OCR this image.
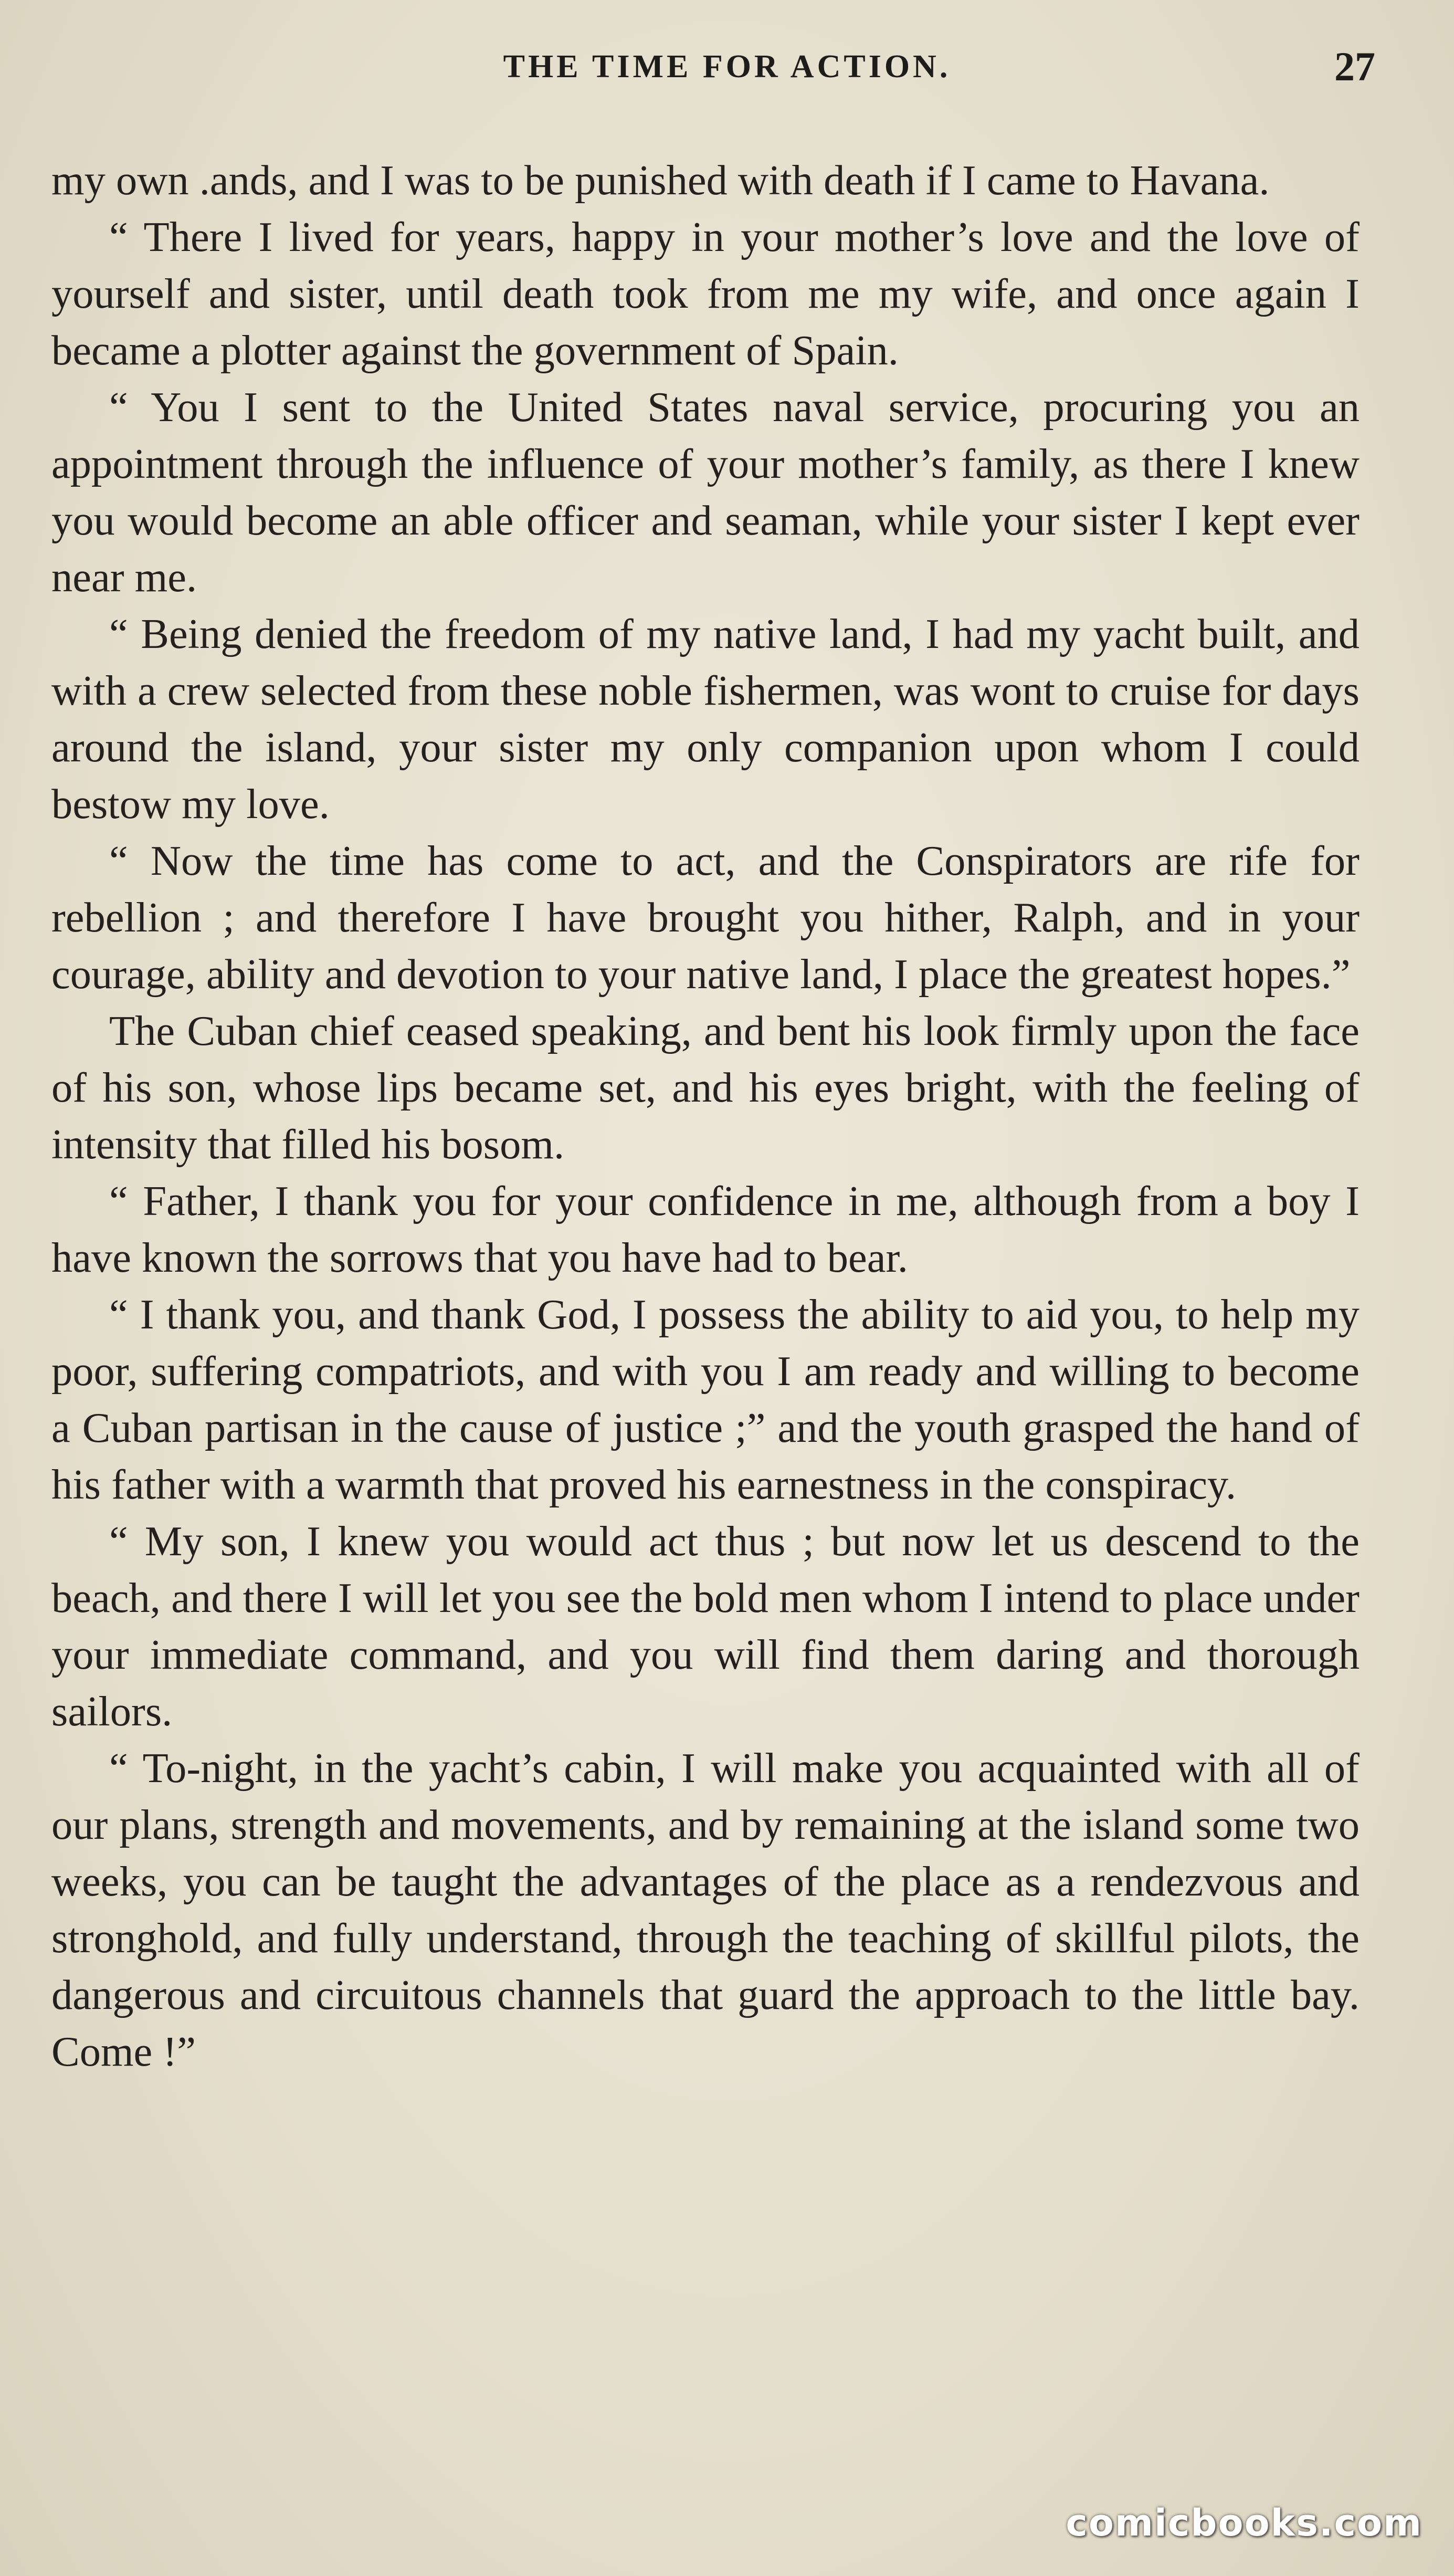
THE TIME FOR ACTION.	27

my own .ands, and I was to be punished with death if I came to Havana.

“ There I lived for years, happy in your mother’s love and the love of yourself and sister, until death took from me my wife, and once again I became a plotter against the government of Spain.

“ You I sent to the United States naval service, procuring you an appointment through the influence of your mother’s family, as there I knew you would become an able officer and seaman, while your sister I kept ever near me.

“ Being denied the freedom of my native land, I had my yacht built, and with a crew selected from these noble fishermen, was wont to cruise for days around the island, your sister my only companion upon whom I could bestow my love.

“ Now the time has come to act, and the Conspirators are rife for rebellion ; and therefore I have brought you hither, Ralph, and in your courage, ability and devotion to your native land, I place the greatest hopes.”

The Cuban chief ceased speaking, and bent his look firmly upon the face of his son, whose lips became set, and his eyes bright, with the feeling of intensity that filled his bosom.

“ Father, I thank you for your confidence in me, although from a boy I have known the sorrows that you have had to bear.

“ I thank you, and thank God, I possess the ability to aid you, to help my poor, suffering compatriots, and with you I am ready and willing to become a Cuban partisan in the cause of justice ;” and the youth grasped the hand of his father with a warmth that proved his earnestness in the conspiracy.

“ My son, I knew you would act thus ; but now let us descend to the beach, and there I will let you see the bold men whom I intend to place under your immediate command, and you will find them daring and thorough sailors.

“ To-night, in the yacht’s cabin, I will make you acquainted with all of our plans, strength and movements, and by remaining at the island some two weeks, you can be taught the advantages of the place as a rendezvous and stronghold, and fully understand, through the teaching of skillful pilots, the dangerous and circuitous channels that guard the approach to the little bay. Come !”

comicbooks.com
